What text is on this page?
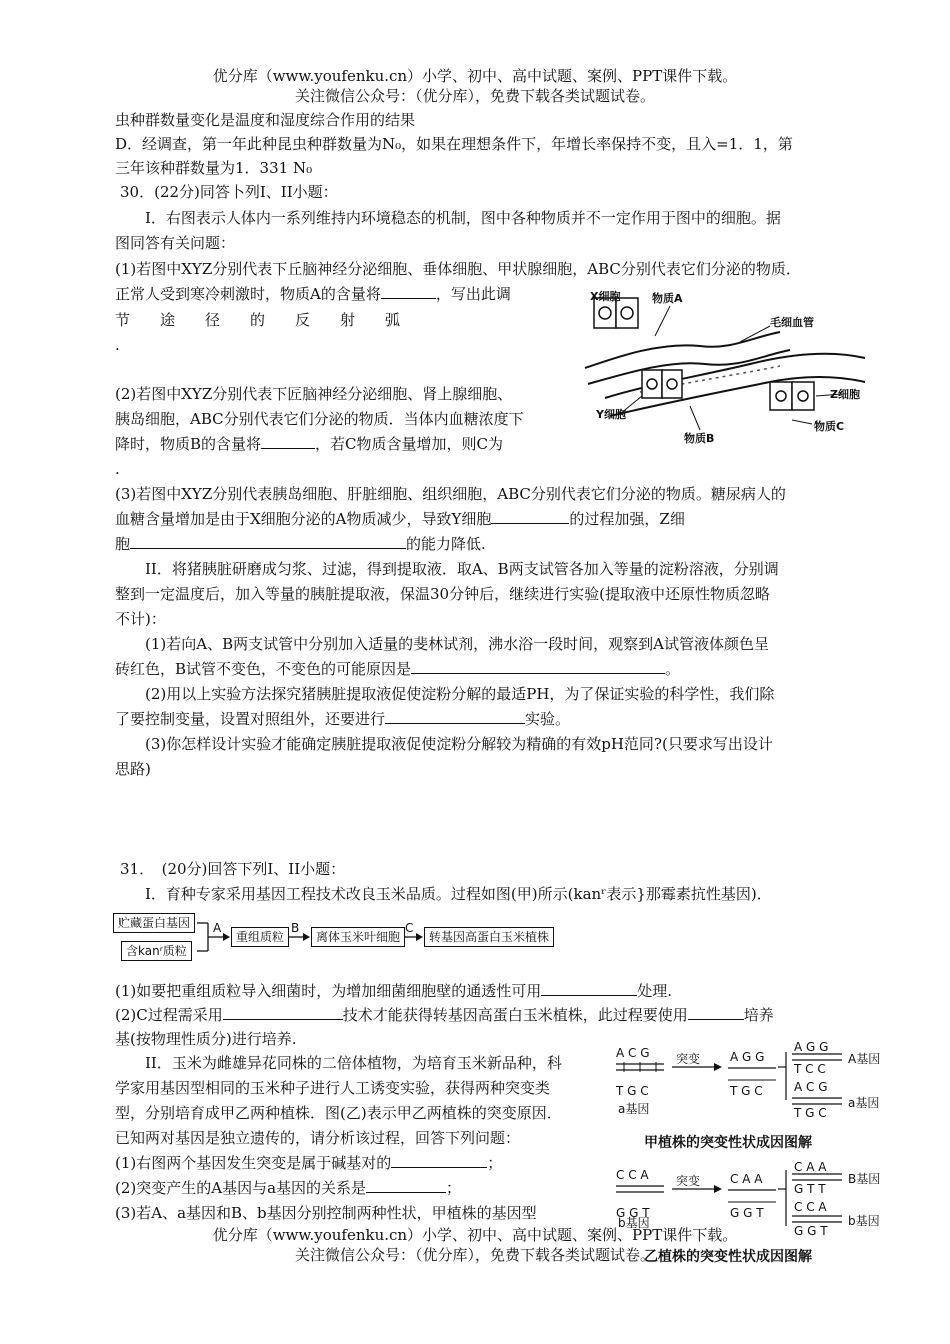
优分库（www.youfenku.cn）小学、初中、高中试题、案例、PPT课件下载。
关注微信公众号：（优分库），免费下载各类试题试卷。
虫种群数量变化是温度和湿度综合作用的结果
D．经调查，第一年此种昆虫种群数量为N₀，如果在理想条件下，年增长率保持不变，且入=1．1，第
三年该种群数量为1．331 N₀
30．(22分)同答卜列Ⅰ、II小题：
Ⅰ．右图表示人体内一系列维持内环境稳态的机制，图中各种物质并不一定作用于图中的细胞。据
图同答有关问题：
(1)若图中XYZ分别代表下丘脑神经分泌细胞、垂体细胞、甲状腺细胞，ABC分别代表它们分泌的物质．
正常人受到寒冷刺激时，物质A的含量将	，写出此调
节　　途　　径　　的　　反　　射　　弧
.
(2)若图中XYZ分别代表下匠脑神经分泌细胞、肾上腺细胞、
胰岛细胞，ABC分别代表它们分泌的物质．当体内血糖浓度下
降时，物质B的含量将	，若C物质含量增加，则C为
.
(3)若图中XYZ分别代表胰岛细胞、肝脏细胞、组织细胞，ABC分别代表它们分泌的物质。糖尿病人的
血糖含量增加是由于X细胞分泌的A物质减少，导致Y细胞	的过程加强，Z细
胞	的能力降低.
II．将猪胰脏研磨成匀浆、过滤，得到提取液．取A、B两支试管各加入等量的淀粉溶液，分别调
整到一定温度后，加入等量的胰脏提取液，保温30分钟后，继续进行实验(提取液中还原性物质忽略
不计)：
(1)若向A、B两支试管中分别加入适量的斐林试剂，沸水浴一段时间，观察到A试管液体颜色呈
砖红色，B试管不变色，不变色的可能原因是	。
(2)用以上实验方法探究猪胰脏提取液促使淀粉分解的最适PH，为了保证实验的科学性，我们除
了要控制变量，设置对照组外，还要进行	实验。
(3)你怎样设计实验才能确定胰脏提取液促使淀粉分解较为精确的有效pH范同?(只要求写出设计
思路)
31．　(20分)回答下列Ⅰ、II小题：
Ⅰ．育种专家采用基因工程技术改良玉米品质。过程如图(甲)所示(kanʳ表示}那霉素抗性基因)．
贮藏蛋白基因
含kanʳ质粒
A
重组质粒
B
离体玉米叶细胞
C
转基因高蛋白玉米植株
(1)如要把重组质粒导入细菌时，为增加细菌细胞壁的通透性可用	处理.
(2)C过程需采用	技术才能获得转基因高蛋白玉米植株，此过程要使用	培养
基(按物理性质分)进行培养.
II．玉米为雌雄异花同株的二倍体植物，为培育玉米新品种，科
学家用基因型相同的玉米种子进行人工诱变实验，获得两种突变类
型，分别培育成甲乙两种植株．图(乙)表示甲乙两植株的突变原因．
已知两对基因是独立遗传的，请分析该过程，回答下列问题：
(1)右图两个基因发生突变是属于碱基对的	；
(2)突变产生的A基因与a基因的关系是	；
(3)若A、a基因和B、b基因分别控制两种性状，甲植株的基因型
X细胞	物质A
毛细血管
Z细胞
Y细胞
物质B
物质C
A C G
T G C
a基因
突变 A G G
T G C
A G G
T C C
A基因
A C G
T G C
a基因
甲植株的突变性状成因图解
C C A
G G T
b基因
突变 C A A
G G T
C A A
G T T
B基因
C C A
G G T
b基因
乙植株的突变性状成因图解
优分库（www.youfenku.cn）小学、初中、高中试题、案例、PPT课件下载。
关注微信公众号：（优分库），免费下载各类试题试卷。
